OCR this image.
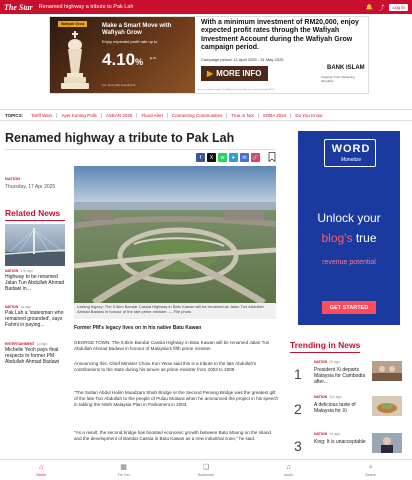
The Star Renamed highway a tribute to Pak Lah	🔔 ⤴	Log In
Wafiyah Grow	Make a Smart Move with Wafiyah Grow
Enjoy expected profit rate up to
4.10% p.a.
For 12-month investment
With a minimum investment of RM20,000, enjoy expected profit rates through the Wafiyah Investment Account during the Wafiyah Grow campaign period.
Campaign period: 11 April 2025 - 31 May 2025
▶ MORE INFO
BANK ISLAM
Inspiring Trust. Reflecting Simplicity.
Terms and conditions apply. The Wafiyah Investment Account is not protected by PIDM.
TOPICS:	Tariff Wars	Ayer Kuning Polls	ASEAN 2025	Flood Alert	Connecting Communities	True or Not	SOBA 2024	Do You Know
Renamed highway a tribute to Pak Lah
f	X	w	➤	✉	🔗
NATION
Thursday, 17 Apr 2025
Related News
NATION 17h ago
Highway to be renamed Jalan Tun Abdullah Ahmad Badawi in...
NATION 1d ago
Pak Lah a 'statesman who remained grounded', says Fahmi in paying...
ENTERTAINMENT 1d ago
Michelle Yeoh pays final respects to former PM Abdullah Ahmad Badawi
Lasting legacy: The 5.5km Bandar Cassia Highway in Batu Kawan will be renamed as Jalan Tun Abdullah Ahmad Badawi in honour of the late prime minister. — File photo
Former PM's legacy lives on in his native Batu Kawan

GEORGE TOWN: The 5.5km Bandar Cassia Highway in Batu Kawan will be renamed Jalan Tun Abdullah Ahmad Badawi in honour of Malaysia's fifth prime minister.

Announcing this, Chief Minister Chow Kon Yeow said this is a tribute to the late Abdullah's contributions to the state during his tenure as prime minister from 2003 to 2009.

"The Sultan Abdul Halim Muadzam Shah Bridge or the Second Penang Bridge was the greatest gift of the late Tun Abdullah to the people of Pulau Mutiara when he announced the project in his speech in tabling the Ninth Malaysia Plan in Parliament in 2003.

"As a result, the second bridge has boosted economic growth between Batu Maung on the Island and the development of Bandar Cassia in Batu Kawan as a new industrial zone," he said.

WORD
Monetize
Unlock your
blog's true
revenue potential
GET STARTED
Trending in News
1
NATION 2h ago
President Xi departs Malaysia for Cambodia after...
2
NATION 11h ago
A delicious taste of Malaysia for Xi
3
NATION 1d ago
King: It is unacceptable
⌂
Home
▦
For You
❏
Bookmark
♫
Audio
⌕
Search
